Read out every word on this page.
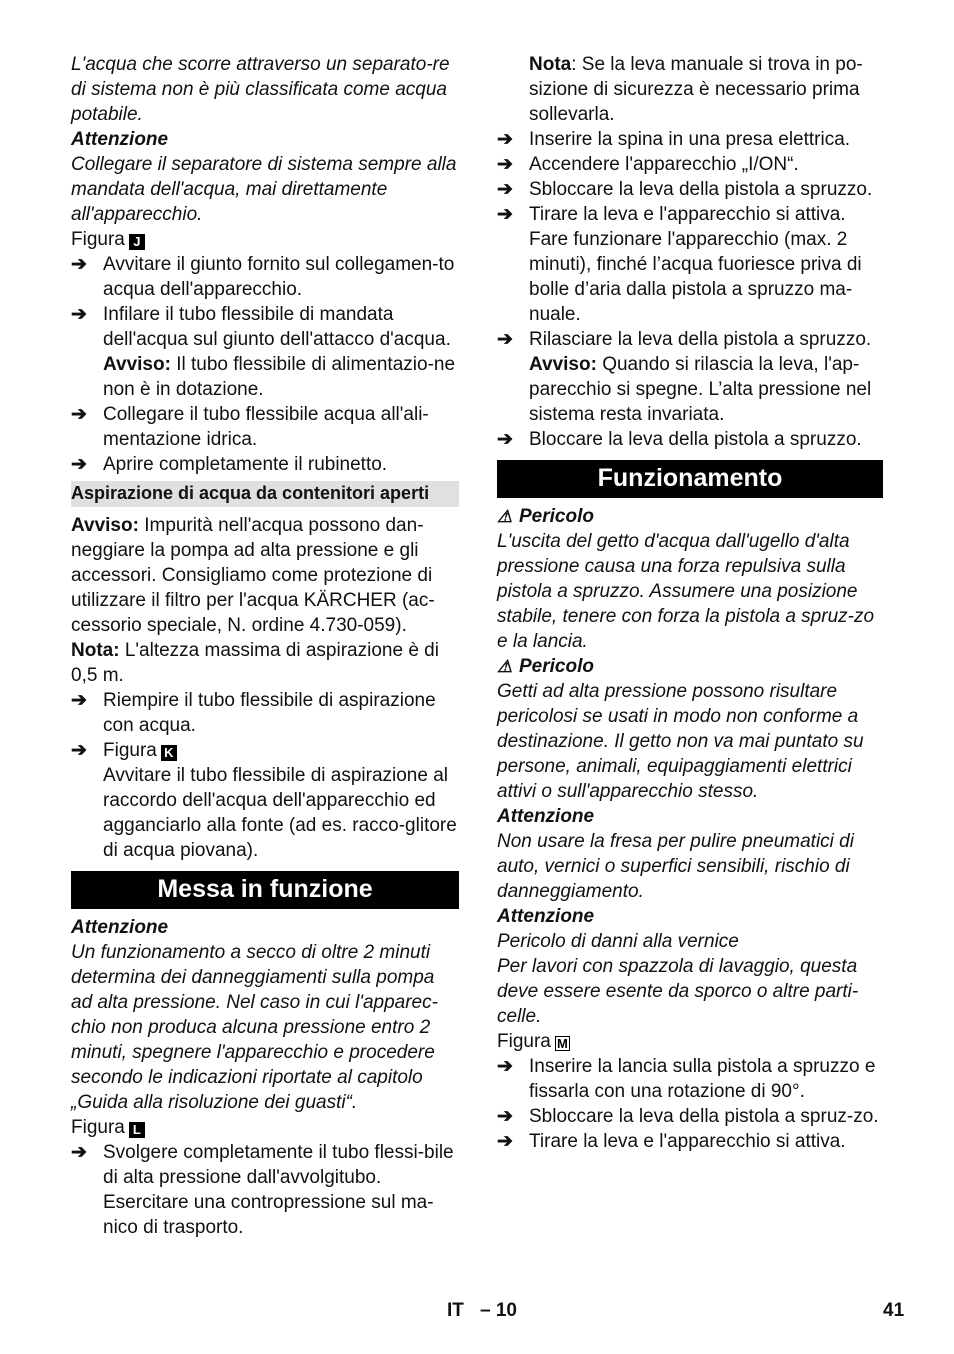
L'acqua che scorre attraverso un separato-re di sistema non è più classificata come acqua potabile.

Attenzione

Collegare il separatore di sistema sempre alla mandata dell'acqua, mai direttamente all'apparecchio.

Figura J

➔ Avvitare il giunto fornito sul collegamen-to acqua dell'apparecchio.

➔ Infilare il tubo flessibile di mandata dell'acqua sul giunto dell'attacco d'acqua.

Avviso: Il tubo flessibile di alimentazio-ne non è in dotazione.

➔ Collegare il tubo flessibile acqua all'ali-mentazione idrica.

➔ Aprire completamente il rubinetto.

Aspirazione di acqua da contenitori aperti

Avviso: Impurità nell'acqua possono dan-neggiare la pompa ad alta pressione e gli accessori. Consigliamo come protezione di utilizzare il filtro per l'acqua KÄRCHER (ac-cessorio speciale, N. ordine 4.730-059).

Nota: L'altezza massima di aspirazione è di 0,5 m.

➔ Riempire il tubo flessibile di aspirazione con acqua.

➔ Figura K

Avvitare il tubo flessibile di aspirazione al raccordo dell'acqua dell'apparecchio ed agganciarlo alla fonte (ad es. racco-glitore di acqua piovana).

Messa in funzione

Attenzione

Un funzionamento a secco di oltre 2 minuti determina dei danneggiamenti sulla pompa ad alta pressione. Nel caso in cui l'apparec-chio non produca alcuna pressione entro 2 minuti, spegnere l'apparecchio e procedere secondo le indicazioni riportate al capitolo „Guida alla risoluzione dei guasti“.

Figura L

➔ Svolgere completamente il tubo flessi-bile di alta pressione dall'avvolgitubo. Esercitare una contropressione sul ma-nico di trasporto.

Nota: Se la leva manuale si trova in po-sizione di sicurezza è necessario prima sollevarla.

➔ Inserire la spina in una presa elettrica.

➔ Accendere l'apparecchio „I/ON“.

➔ Sbloccare la leva della pistola a spruzzo.

➔ Tirare la leva e l'apparecchio si attiva. Fare funzionare l'apparecchio (max. 2 minuti), finché l’acqua fuoriesce priva di bolle d’aria dalla pistola a spruzzo ma-nuale.

➔ Rilasciare la leva della pistola a spruzzo.

Avviso: Quando si rilascia la leva, l'ap-parecchio si spegne. L’alta pressione nel sistema resta invariata.

➔ Bloccare la leva della pistola a spruzzo.

Funzionamento

⚠ Pericolo

L'uscita del getto d'acqua dall'ugello d'alta pressione causa una forza repulsiva sulla pistola a spruzzo. Assumere una posizione stabile, tenere con forza la pistola a spruz-zo e la lancia.

⚠ Pericolo

Getti ad alta pressione possono risultare pericolosi se usati in modo non conforme a destinazione. Il getto non va mai puntato su persone, animali, equipaggiamenti elettrici attivi o sull'apparecchio stesso.

Attenzione

Non usare la fresa per pulire pneumatici di auto, vernici o superfici sensibili, rischio di danneggiamento.

Attenzione

Pericolo di danni alla vernice

Per lavori con spazzola di lavaggio, questa deve essere esente da sporco o altre parti-celle.

Figura M

➔ Inserire la lancia sulla pistola a spruzzo e fissarla con una rotazione di 90°.

➔ Sbloccare la leva della pistola a spruz-zo.

➔ Tirare la leva e l'apparecchio si attiva.

IT – 10	41
